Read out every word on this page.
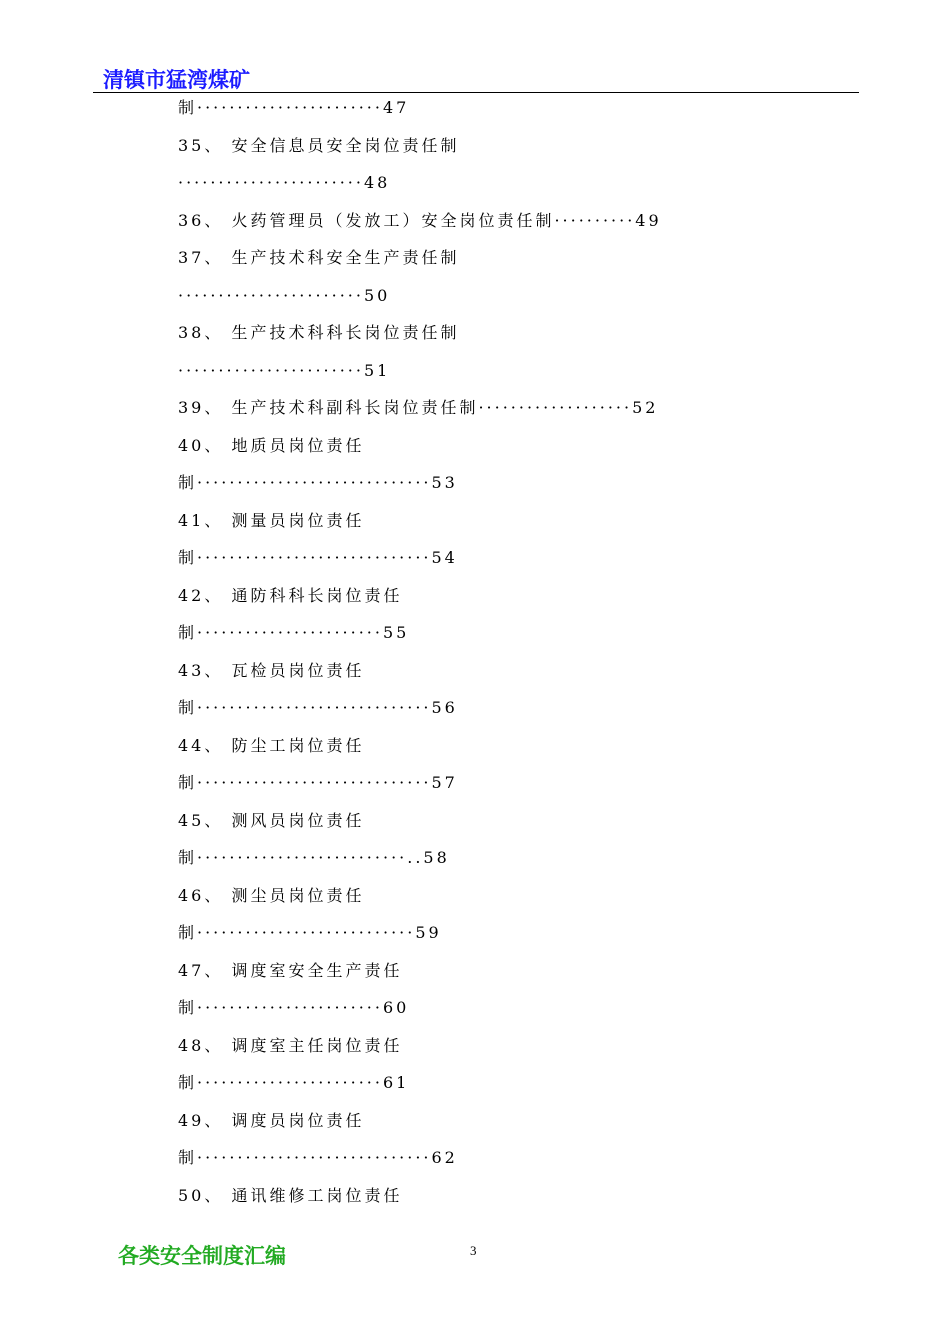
清镇市猛湾煤矿
制·······················47
35、 安全信息员安全岗位责任制
·······················48
36、 火药管理员（发放工）安全岗位责任制··········49
37、 生产技术科安全生产责任制
·······················50
38、 生产技术科科长岗位责任制
·······················51
39、 生产技术科副科长岗位责任制···················52
40、 地质员岗位责任
制·····························53
41、 测量员岗位责任
制·····························54
42、 通防科科长岗位责任
制·······················55
43、 瓦检员岗位责任
制·····························56
44、 防尘工岗位责任
制·····························57
45、 测风员岗位责任
制··························..58
46、 测尘员岗位责任
制···························59
47、 调度室安全生产责任
制·······················60
48、 调度室主任岗位责任
制·······················61
49、 调度员岗位责任
制·····························62
50、 通讯维修工岗位责任
各类安全制度汇编	3
